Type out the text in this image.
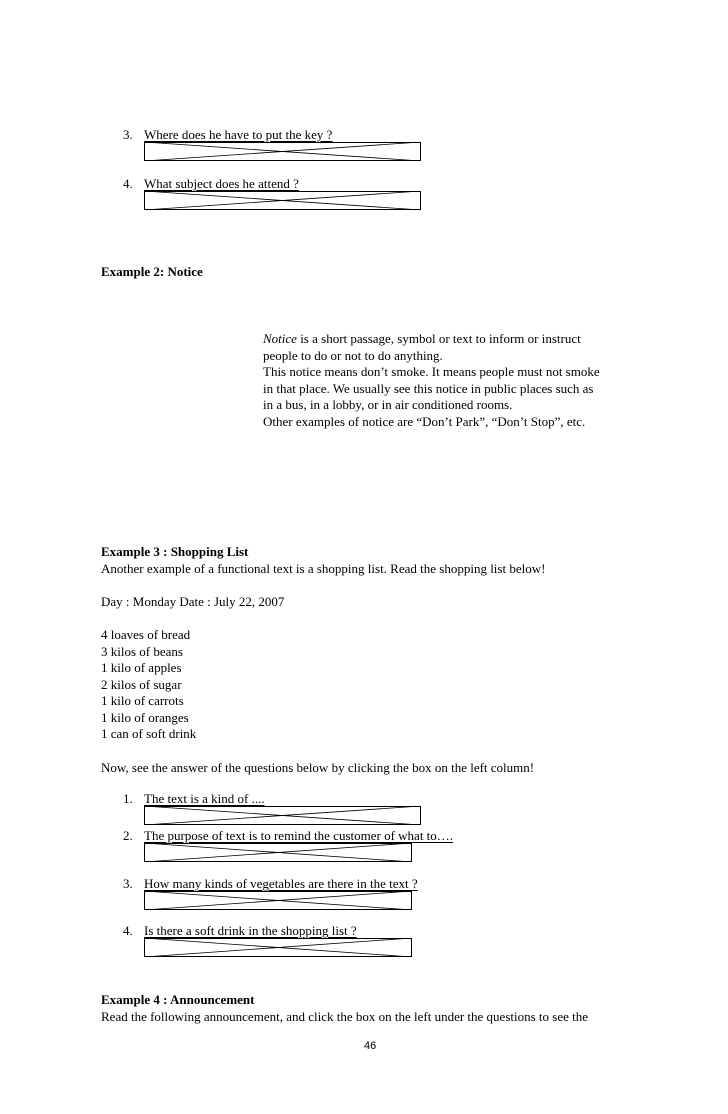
3. Where does he have to put the key ?
4. What subject does he attend ?
Example 2: Notice
Notice is a short passage, symbol or text to inform or instruct
people to do or not to do anything.
This notice means don’t smoke. It means people must not smoke
in that place. We usually see this notice in public places such as
in a bus, in a lobby, or in air conditioned rooms.
Other examples of notice are “Don’t Park”, “Don’t Stop”, etc.
Example 3 : Shopping List
Another example of a functional text is a shopping list. Read the shopping list below!
Day : Monday Date : July 22, 2007
4 loaves of bread
3 kilos of beans
1 kilo of apples
2 kilos of sugar
1 kilo of carrots
1 kilo of oranges
1 can of soft drink
Now, see the answer of the questions below by clicking the box on the left column!
1. The text is a kind of ....
2. The purpose of text is to remind the customer of what to….
3. How many kinds of vegetables are there in the text ?
4. Is there a soft drink in the shopping list ?
Example 4 : Announcement
Read the following announcement, and click the box on the left under the questions to see the
46
